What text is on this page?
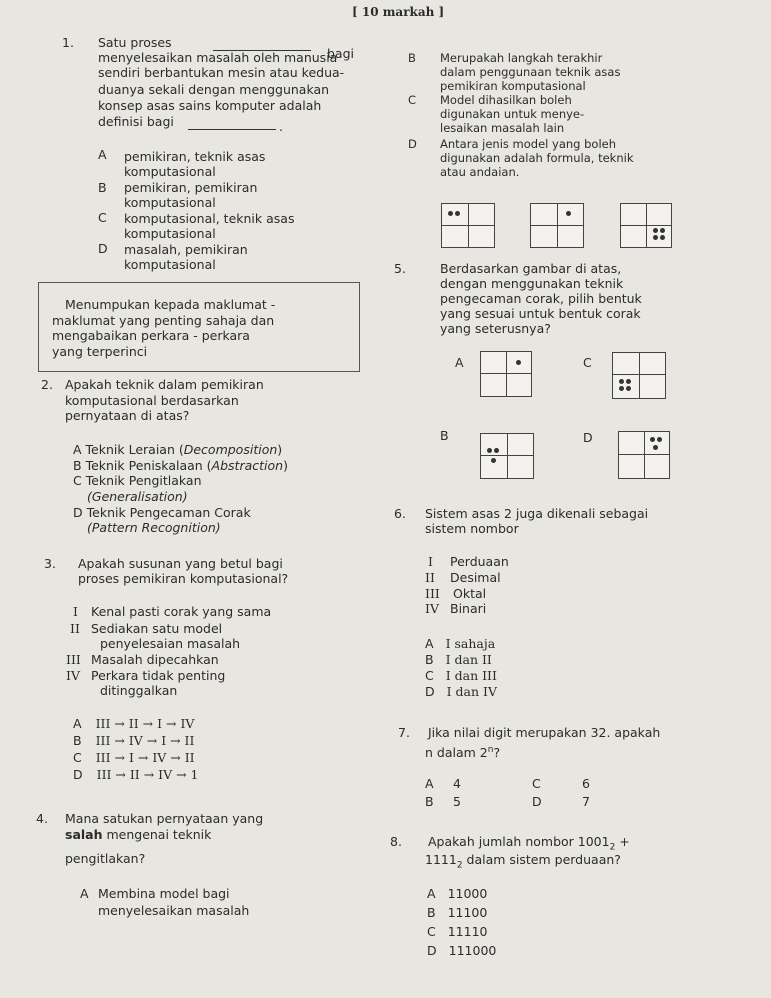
[ 10 markah ]
1. Satu proses
bagi
menyelesaikan masalah oleh manusia
sendiri berbantukan mesin atau kedua-
duanya sekali dengan menggunakan
konsep asas sains komputer adalah
definisi bagi	.
A pemikiran, teknik asas
komputasional
B pemikiran, pemikiran
komputasional
C komputasional, teknik asas
komputasional
D masalah, pemikiran
komputasional
Menumpukan kepada maklumat -
maklumat yang penting sahaja dan
mengabaikan perkara - perkara
yang terperinci
2. Apakah teknik dalam pemikiran
komputasional berdasarkan
pernyataan di atas?
A Teknik Leraian (Decomposition)
B Teknik Peniskalaan (Abstraction)
C Teknik Pengitlakan
(Generalisation)
D Teknik Pengecaman Corak
(Pattern Recognition)
3. Apakah susunan yang betul bagi
proses pemikiran komputasional?
I Kenal pasti corak yang sama
II Sediakan satu model
penyelesaian masalah
III Masalah dipecahkan
IV Perkara tidak penting
ditinggalkan
A III → II → I → IV
B III → IV → I → II
C III → I → IV → II
D III → II → IV → 1
4. Mana satukan pernyataan yang
salah mengenai teknik
pengitlakan?
A Membina model bagi
menyelesaikan masalah
B Merupakah langkah terakhir
dalam penggunaan teknik asas
pemikiran komputasional
C Model dihasilkan boleh
digunakan untuk menye-
lesaikan masalah lain
D Antara jenis model yang boleh
digunakan adalah formula, teknik
atau andaian.
5.	Berdasarkan gambar di atas,
dengan menggunakan teknik
pengecaman corak, pilih bentuk
yang sesuai untuk bentuk corak
yang seterusnya?
A	C
B	D
6. Sistem asas 2 juga dikenali sebagai
sistem nombor
I Perduaan
II Desimal
III Oktal
IV Binari
A I sahaja
B I dan II
C I dan III
D I dan IV
7. Jika nilai digit merupakan 32. apakah
n dalam 2$^n$?
A 4	C	6
B 5	D	7
8. Apakah jumlah nombor $1001_2$ +
$1111_2$ dalam sistem perduaan?
A 11000
B 11100
C 11110
D 111000
